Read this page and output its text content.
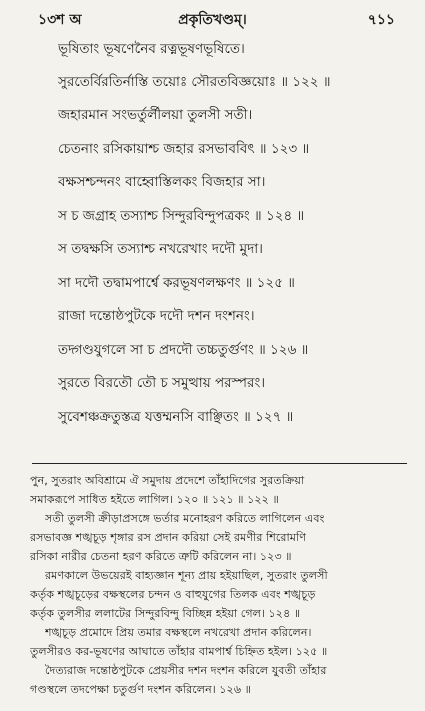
১৩শ অ	প্রকৃতিখণ্ডম্।	৭১১
ভূষিতাং ভূষণেনৈব রত্নভূষণভূষিতে।
সুরতের্বিরতির্নাস্তি তয়োঃ সৌরতবিজ্ঞয়োঃ ॥ ১২২ ॥
জহারমান সংভর্তুর্লীলয়া তুলসী সতী।
চেতনাং রসিকায়াশ্চ জহার রসভাববিৎ ॥ ১২৩ ॥
বক্ষসশ্চন্দনং বাহ্বোস্তিলকং বিজহার সা।
স চ জগ্রাহ তস্যাশ্চ সিন্দুরবিন্দুপত্রকং ॥ ১২৪ ॥
স তদ্বক্ষসি তস্যাশ্চ নখরেখাং দদৌ মুদা।
সা দদৌ তদ্বামপার্শ্বে করভূষণলক্ষণং ॥ ১২৫ ॥
রাজা দন্তোষ্ঠপুটকে দদৌ দশন দংশনং।
তদ্গণ্ডযুগলে সা চ প্রদদৌ তচ্চতুর্গুণং ॥ ১২৬ ॥
সুরতে বিরতৌ তৌ চ সমুত্থায় পরস্পরং।
সুবেশঞ্চক্রতুস্তত্র যত্তম্মনসি বাঞ্ছিতং ॥ ১২৭ ॥
পুন, সুতরাং অবিশ্রামে ঐ সমুদায় প্রদেশে তাঁহাদিগের সুরতক্রিয়া
সমাকরূপে সাধিত হইতে লাগিল। ১২০ ॥ ১২১ ॥ ১২২ ॥
সতী তুলসী ক্রীড়াপ্রসঙ্গে ভর্তার মনোহরণ করিতে লাগিলেন এবং
রসভাবজ্ঞ শঙ্খচূড় শৃঙ্গার রস প্রদান করিয়া সেই রমণীর শিরোমণি
রসিকা নারীর চেতনা হরণ করিতে ত্রুটি করিলেন না। ১২৩ ॥
রমণকালে উভয়েরই বাহ্যজ্ঞান শূন্য প্রায় হইয়াছিল, সুতরাং তুলসী
কর্তৃক শঙ্খচূড়ের বক্ষস্থলের চন্দন ও বাহুযুগের তিলক এবং শঙ্খচূড়
কর্তৃক তুলসীর ললাটের সিন্দুরবিন্দু বিচ্ছিন্ন হইয়া গেল। ১২৪ ॥
শঙ্খচূড় প্রমোদে প্রিয় তমার বক্ষস্থলে নখরেখা প্রদান করিলেন।
তুলসীরও কর-ভূষণের আঘাতে তাঁহার বামপার্শ্ব চিহ্নিত হইল। ১২৫ ॥
দৈত্যরাজ দন্তোষ্ঠপুটকে প্রেয়সীর দশন দংশন করিলে যুবতী তাঁহার
গণ্ডস্থলে তদপেক্ষা চতুর্গুণ দংশন করিলেন। ১২৬ ॥
